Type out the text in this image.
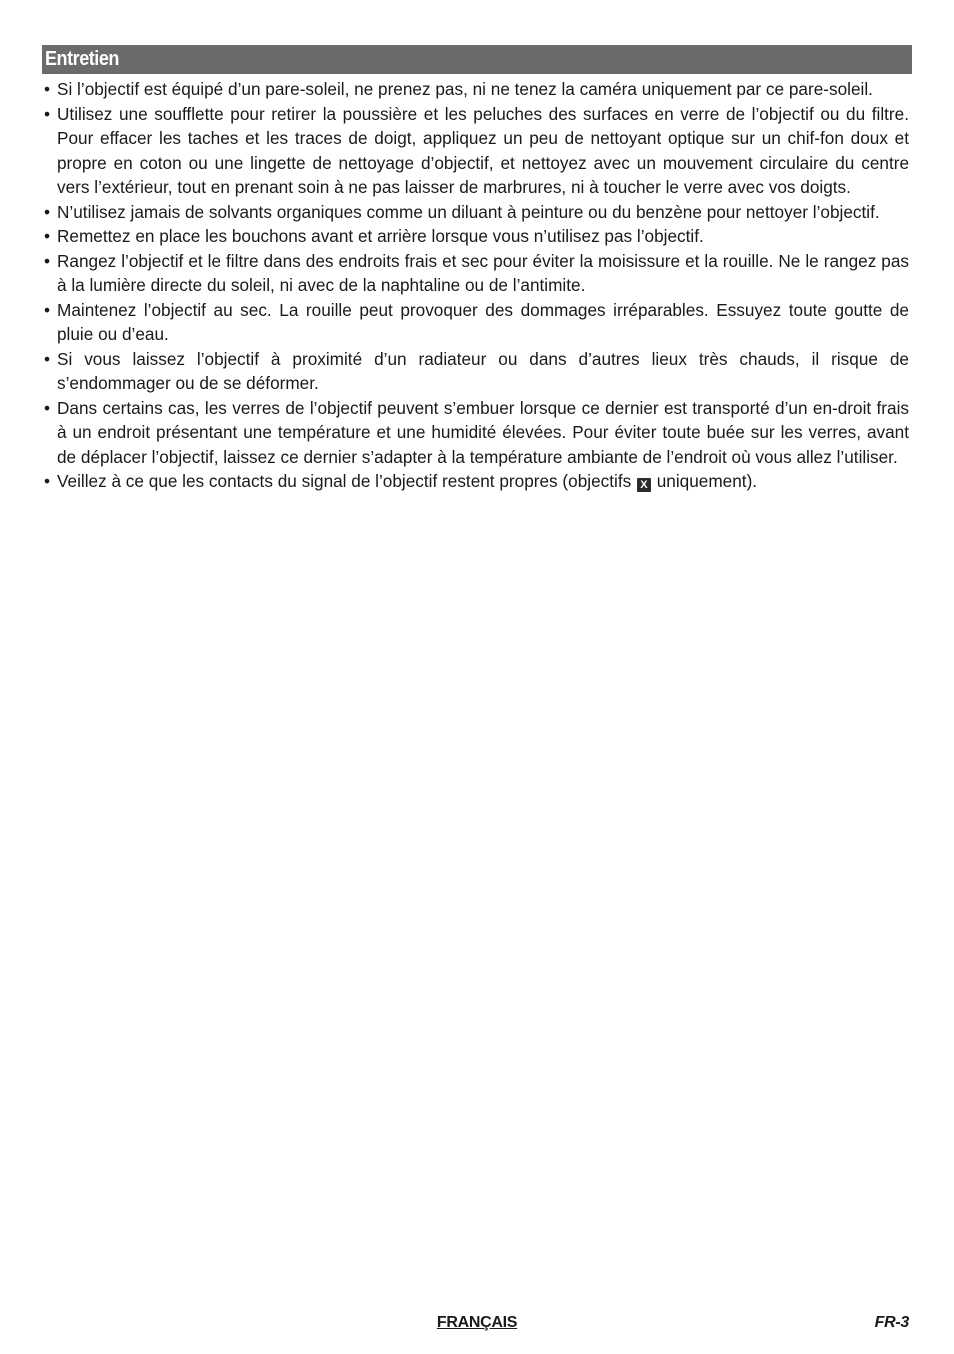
Entretien
• Si l’objectif est équipé d’un pare-soleil, ne prenez pas, ni ne tenez la caméra uniquement par ce pare-soleil.
• Utilisez une soufflette pour retirer la poussière et les peluches des surfaces en verre de l’objectif ou du filtre. Pour effacer les taches et les traces de doigt, appliquez un peu de nettoyant optique sur un chif-fon doux et propre en coton ou une lingette de nettoyage d’objectif, et nettoyez avec un mouvement circulaire du centre vers l’extérieur, tout en prenant soin à ne pas laisser de marbrures, ni à toucher le verre avec vos doigts.
• N’utilisez jamais de solvants organiques comme un diluant à peinture ou du benzène pour nettoyer l’objectif.
• Remettez en place les bouchons avant et arrière lorsque vous n’utilisez pas l’objectif.
• Rangez l’objectif et le filtre dans des endroits frais et sec pour éviter la moisissure et la rouille. Ne le rangez pas à la lumière directe du soleil, ni avec de la naphtaline ou de l’antimite.
• Maintenez l’objectif au sec. La rouille peut provoquer des dommages irréparables. Essuyez toute goutte de pluie ou d’eau.
• Si vous laissez l’objectif à proximité d’un radiateur ou dans d’autres lieux très chauds, il risque de s’endommager ou de se déformer.
• Dans certains cas, les verres de l’objectif peuvent s’embuer lorsque ce dernier est transporté d’un en-droit frais à un endroit présentant une température et une humidité élevées. Pour éviter toute buée sur les verres, avant de déplacer l’objectif, laissez ce dernier s’adapter à la température ambiante de l’endroit où vous allez l’utiliser.
• Veillez à ce que les contacts du signal de l’objectif restent propres (objectifs X uniquement).
FRANÇAIS	FR-3
